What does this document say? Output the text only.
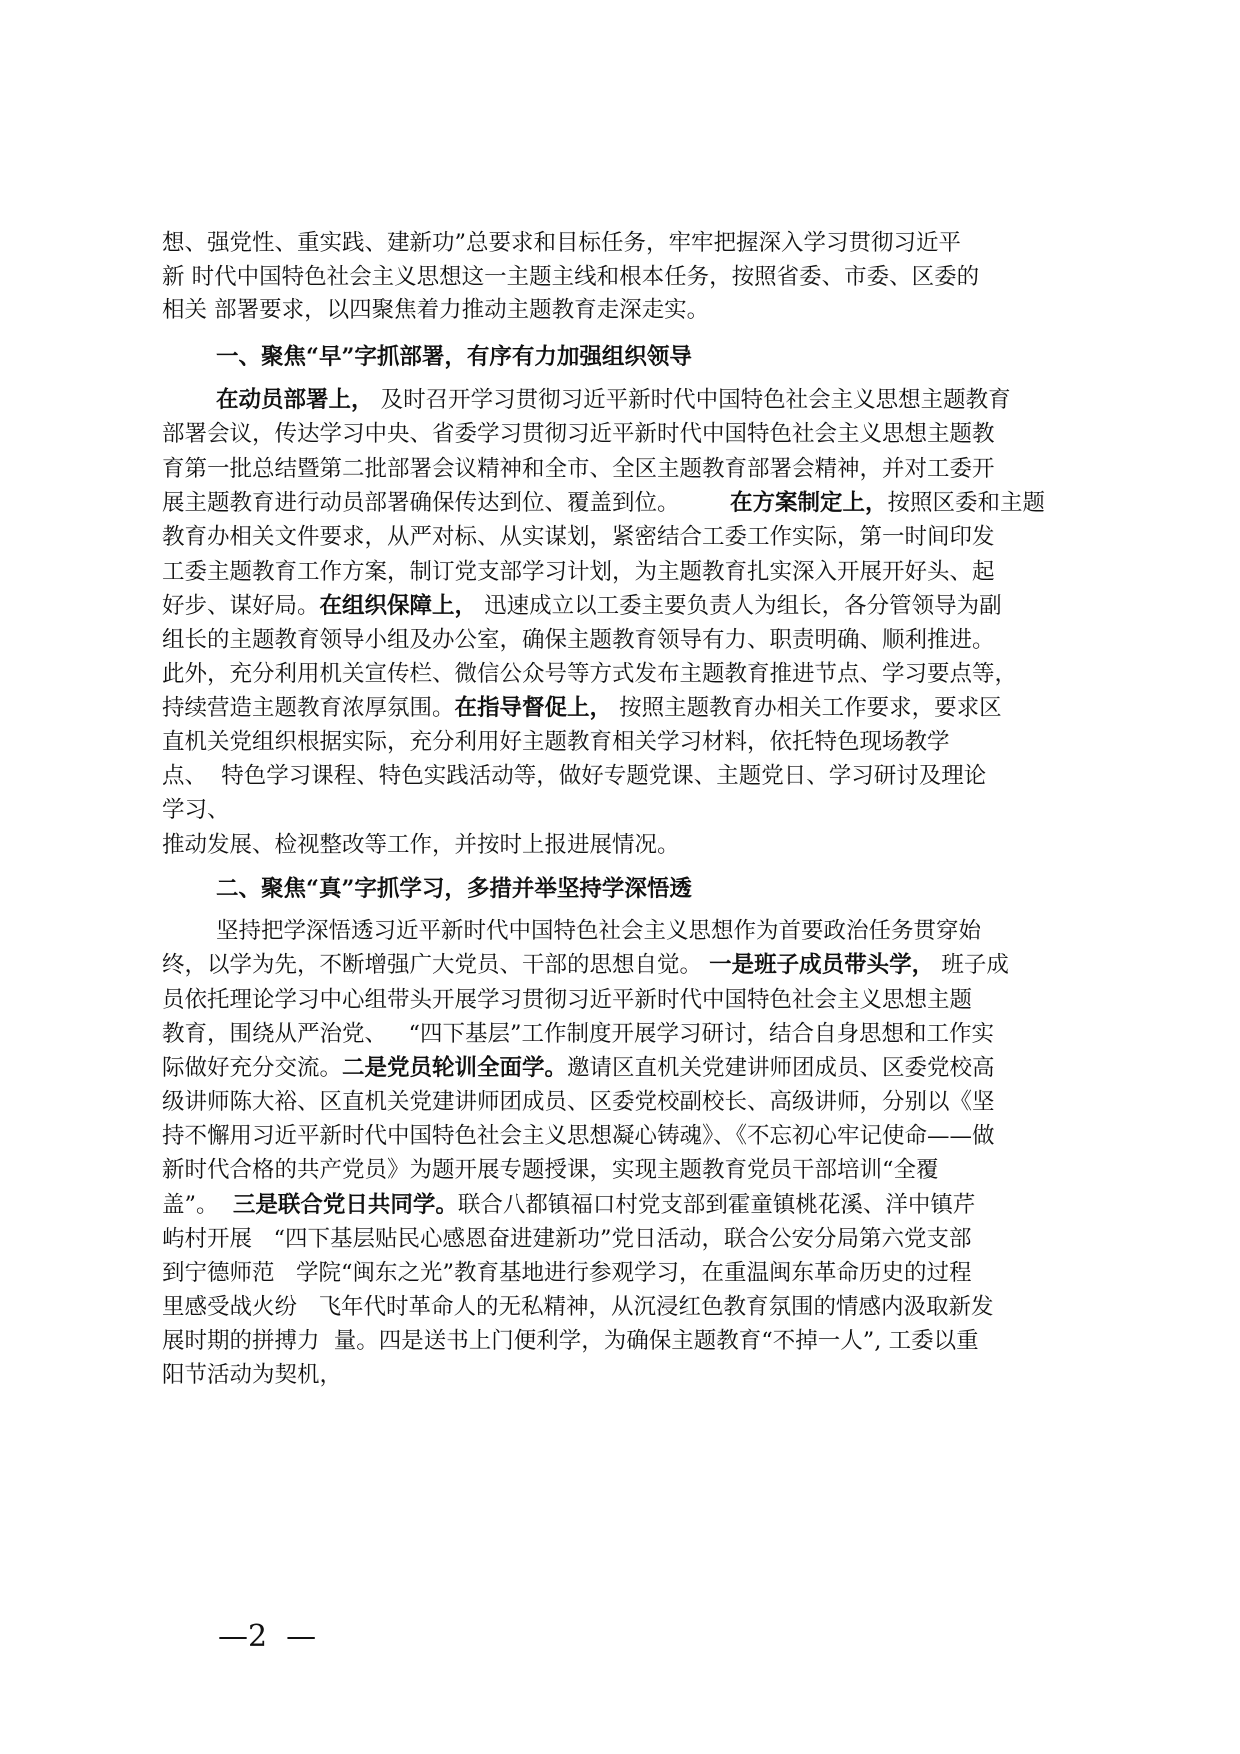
想、强党性、重实践、建新功”总要求和目标任务，牢牢把握深入学习贯彻习近平
新 时代中国特色社会主义思想这一主题主线和根本任务，按照省委、市委、区委的
相关 部署要求，以四聚焦着力推动主题教育走深走实。
一、聚焦“早”字抓部署，有序有力加强组织领导
在动员部署上， 及时召开学习贯彻习近平新时代中国特色社会主义思想主题教育
部署会议，传达学习中央、省委学习贯彻习近平新时代中国特色社会主义思想主题教
育第一批总结暨第二批部署会议精神和全市、全区主题教育部署会精神，并对工委开
展主题教育进行动员部署确保传达到位、覆盖到位。 在方案制定上，按照区委和主题
教育办相关文件要求，从严对标、从实谋划，紧密结合工委工作实际，第一时间印发
工委主题教育工作方案，制订党支部学习计划，为主题教育扎实深入开展开好头、起
好步、谋好局。在组织保障上， 迅速成立以工委主要负责人为组长，各分管领导为副
组长的主题教育领导小组及办公室，确保主题教育领导有力、职责明确、顺利推进。
此外，充分利用机关宣传栏、微信公众号等方式发布主题教育推进节点、学习要点等，
持续营造主题教育浓厚氛围。在指导督促上， 按照主题教育办相关工作要求，要求区
直机关党组织根据实际，充分利用好主题教育相关学习材料，依托特色现场教学
点、  特色学习课程、特色实践活动等，做好专题党课、主题党日、学习研讨及理论
学习、
推动发展、检视整改等工作，并按时上报进展情况。
二、聚焦“真”字抓学习，多措并举坚持学深悟透
坚持把学深悟透习近平新时代中国特色社会主义思想作为首要政治任务贯穿始
终，以学为先，不断增强广大党员、干部的思想自觉。 一是班子成员带头学， 班子成
员依托理论学习中心组带头开展学习贯彻习近平新时代中国特色社会主义思想主题
教育，围绕从严治党、   “四下基层”工作制度开展学习研讨，结合自身思想和工作实
际做好充分交流。二是党员轮训全面学。邀请区直机关党建讲师团成员、区委党校高
级讲师陈大裕、区直机关党建讲师团成员、区委党校副校长、高级讲师，分别以《坚
持不懈用习近平新时代中国特色社会主义思想凝心铸魂》、《不忘初心牢记使命——做
新时代合格的共产党员》为题开展专题授课，实现主题教育党员干部培训“全覆
盖”。  三是联合党日共同学。联合八都镇福口村党支部到霍童镇桃花溪、洋中镇芹
屿村开展   “四下基层贴民心感恩奋进建新功”党日活动，联合公安分局第六党支部
到宁德师范   学院“闽东之光”教育基地进行参观学习，在重温闽东革命历史的过程
里感受战火纷   飞年代时革命人的无私精神，从沉浸红色教育氛围的情感内汲取新发
展时期的拼搏力  量。四是送书上门便利学，为确保主题教育“不掉一人”, 工委以重
阳节活动为契机，
—2  —
